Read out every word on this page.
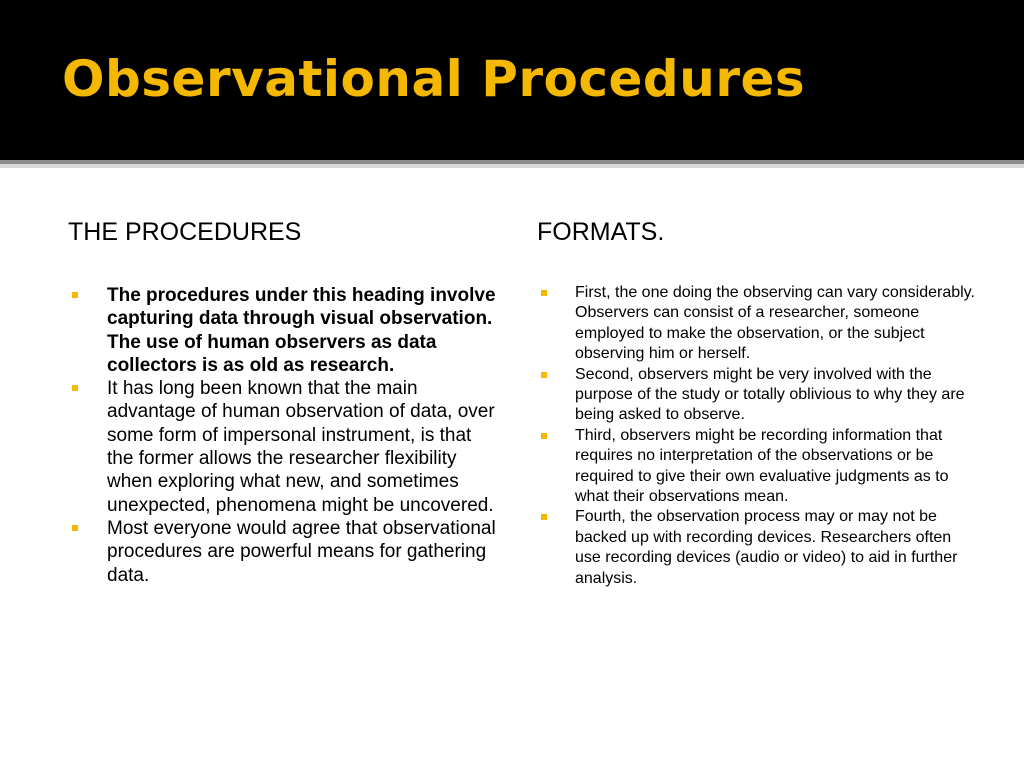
Observational Procedures
THE PROCEDURES	FORMATS.
The procedures under this heading involve capturing data through visual observation. The use of human observers as data collectors is as old as research.
It has long been known that the main advantage of human observation of data, over some form of impersonal instrument, is that the former allows the researcher flexibility when exploring what new, and sometimes unexpected, phenomena might be uncovered.
Most everyone would agree that observational procedures are powerful means for gathering data.
First, the one doing the observing can vary considerably. Observers can consist of a researcher, someone employed to make the observation, or the subject observing him or herself.
Second, observers might be very involved with the purpose of the study or totally oblivious to why they are being asked to observe.
Third, observers might be recording information that requires no interpretation of the observations or be required to give their own evaluative judgments as to what their observations mean.
Fourth, the observation process may or may not be backed up with recording devices. Researchers often use recording devices (audio or video) to aid in further analysis.
